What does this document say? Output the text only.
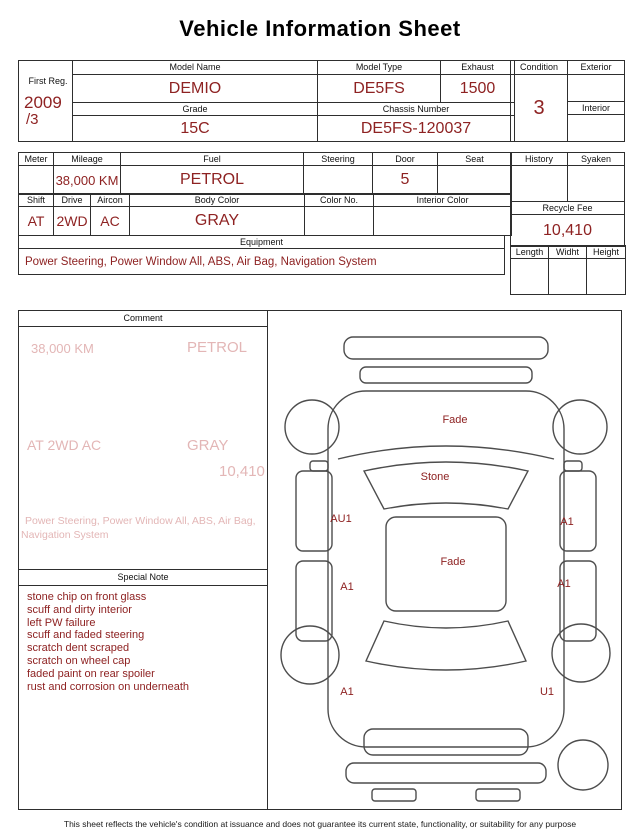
Vehicle Information Sheet
First Reg.
2009
/3	Model Name	Model Type	Exhaust
	DEMIO	DE5FS	1500
	Grade	Chassis Number	
	15C	DE5FS-120037	
Condition	Exterior
3	
	Interior

Meter	Mileage	Fuel	Steering	Door	Seat
	38,000 KM	PETROL		5	
Shift	Drive	Aircon	Body Color	Color No.	Interior Color
AT	2WD	AC	GRAY		
Equipment
Power Steering, Power Window All, ABS, Air Bag, Navigation System
History	Syaken

Recycle Fee	
10,410	
Length	Widht	Height

Comment
38,000 KM	PETROL
AT 2WD AC	GRAY
10,410
Power Steering, Power Window All, ABS, Air Bag,
Navigation System
Special Note
stone chip on front glass
scuff and dirty interior
left PW failure
scuff and faded steering
scratch dent scraped
scratch on wheel cap
faded paint on rear spoiler
rust and corrosion on underneath
Fade
Stone
AU1	A1
Fade
A1	A1
A1	U1
This sheet reflects the vehicle's condition at issuance and does not guarantee its current state, functionality, or suitability for any purpose
